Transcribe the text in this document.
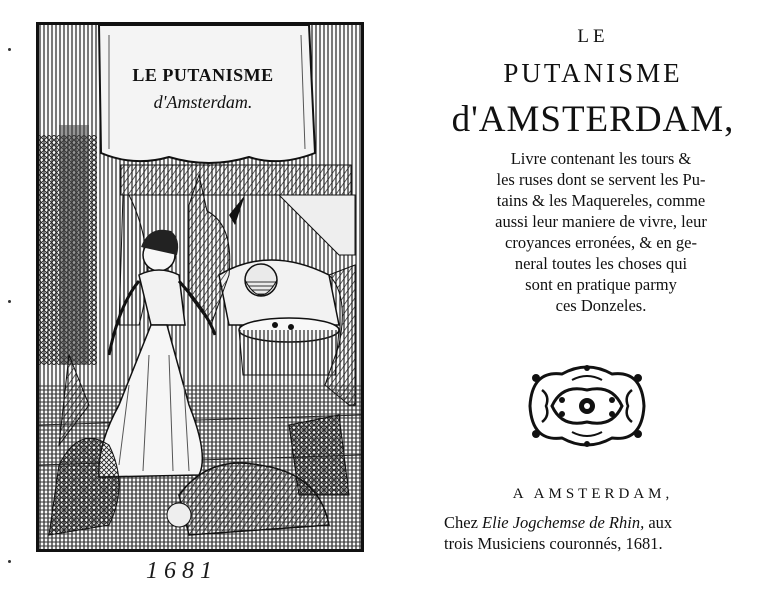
LE PUTANISME
d'Amsterdam.
1681
LE
PUTANISME
d'AMSTERDAM,
Livre contenant les tours &
les ruses dont se servent les Pu-
tains & les Maquereles, comme
aussi leur maniere de vivre, leur
croyances erronées, & en ge-
neral toutes les choses qui
sont en pratique parmy
ces Donzeles.
A AMSTERDAM,
Chez Elie Jogchemse de Rhin, aux
trois Musiciens couronnés, 1681.
